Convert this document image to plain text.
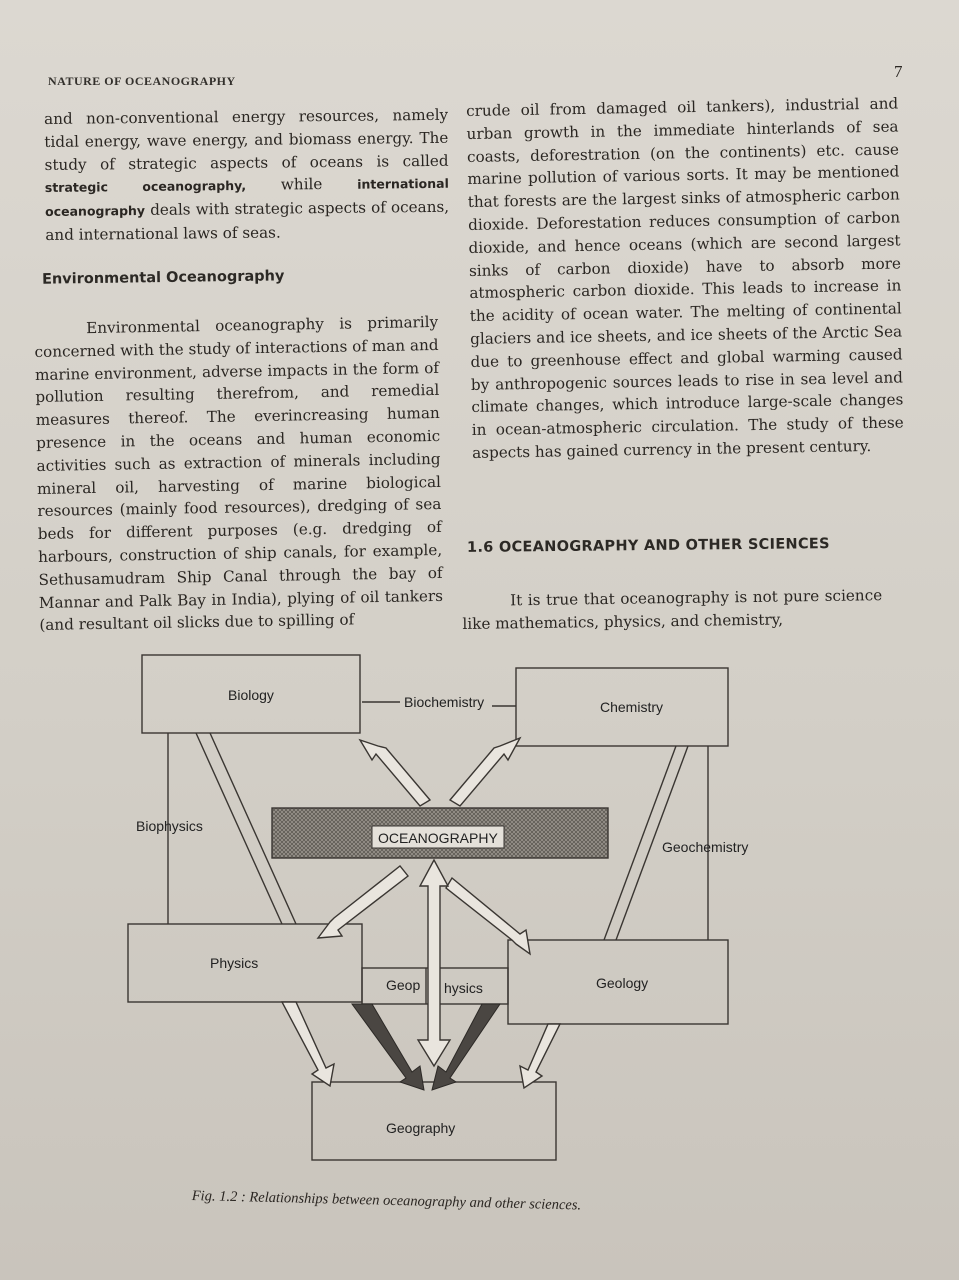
NATURE OF OCEANOGRAPHY	7

and non-conventional energy resources, namely tidal energy, wave energy, and biomass energy. The study of strategic aspects of oceans is called strategic oceanography, while international oceanography deals with strategic aspects of oceans, and international laws of seas.

Environmental Oceanography

Environmental oceanography is primarily concerned with the study of interactions of man and marine environment, adverse impacts in the form of pollution resulting therefrom, and remedial measures thereof. The everincreasing human presence in the oceans and human economic activities such as extraction of minerals including mineral oil, harvesting of marine biological resources (mainly food resources), dredging of sea beds for different purposes (e.g. dredging of harbours, construction of ship canals, for example, Sethusamudram Ship Canal through the bay of Mannar and Palk Bay in India), plying of oil tankers (and resultant oil slicks due to spilling of

crude oil from damaged oil tankers), industrial and urban growth in the immediate hinterlands of sea coasts, deforestration (on the continents) etc. cause marine pollution of various sorts. It may be mentioned that forests are the largest sinks of atmospheric carbon dioxide. Deforestation reduces consumption of carbon dioxide, and hence oceans (which are second largest sinks of carbon dioxide) have to absorb more atmospheric carbon dioxide. This leads to increase in the acidity of ocean water. The melting of continental glaciers and ice sheets, and ice sheets of the Arctic Sea due to greenhouse effect and global warming caused by anthropogenic sources leads to rise in sea level and climate changes, which introduce large-scale changes in ocean-atmospheric circulation. The study of these aspects has gained currency in the present century.

1.6 OCEANOGRAPHY AND OTHER SCIENCES

It is true that oceanography is not pure science like mathematics, physics, and chemistry,

Biology	Biochemistry	Chemistry
Biophysics
OCEANOGRAPHY
Geochemistry
Physics
Geop hysics	Geology
Geography
Fig. 1.2 : Relationships between oceanography and other sciences.
